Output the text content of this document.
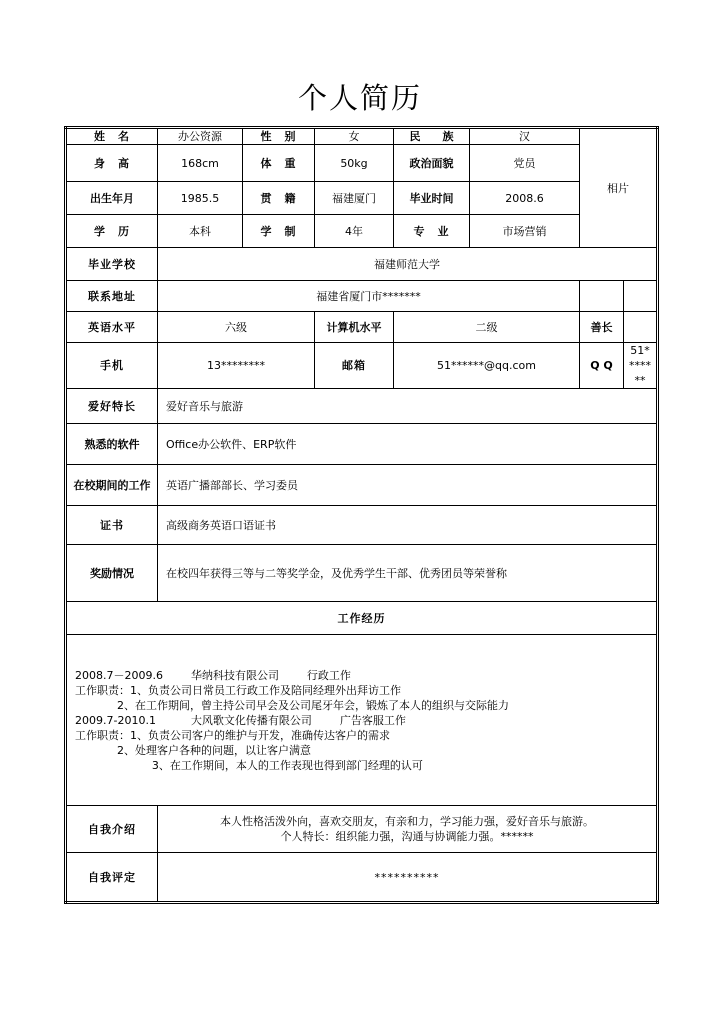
个人简历
姓　名	办公资源	性　别	女	民　　族	汉	相片	
身　高	168cm	体　重	50kg	政治面貌	党员		
出生年月	1985.5	贯　籍	福建厦门	毕业时间	2008.6		
学　历	本科	学　制	4年	专　业	市场营销		
毕业学校	福建师范大学						
联系地址	福建省厦门市*******						
英语水平	六级		计算机水平	二级		善长	
手机	13********		邮箱	51******@qq.com		Q Q	51*******
爱好特长	爱好音乐与旅游						
熟悉的软件	Office办公软件、ERP软件						
在校期间的工作	英语广播部部长、学习委员						
证书	高级商务英语口语证书						
奖励情况	在校四年获得三等与二等奖学金，及优秀学生干部、优秀团员等荣誉称						
工作经历							

2008.7－2009.6        华纳科技有限公司        行政工作
工作职责：1、负责公司日常员工行政工作及陪同经理外出拜访工作
2、在工作期间，曾主持公司早会及公司尾牙年会，锻炼了本人的组织与交际能力
2009.7-2010.1          大风歌文化传播有限公司        广告客服工作
工作职责：1、负责公司客户的维护与开发，准确传达客户的需求
2、处理客户各种的问题，以让客户满意
3、在工作期间，本人的工作表现也得到部门经理的认可

自我介绍	本人性格活泼外向，喜欢交朋友，有亲和力，学习能力强，爱好音乐与旅游。
个人特长：组织能力强，沟通与协调能力强。******						

自我评定	**********						
